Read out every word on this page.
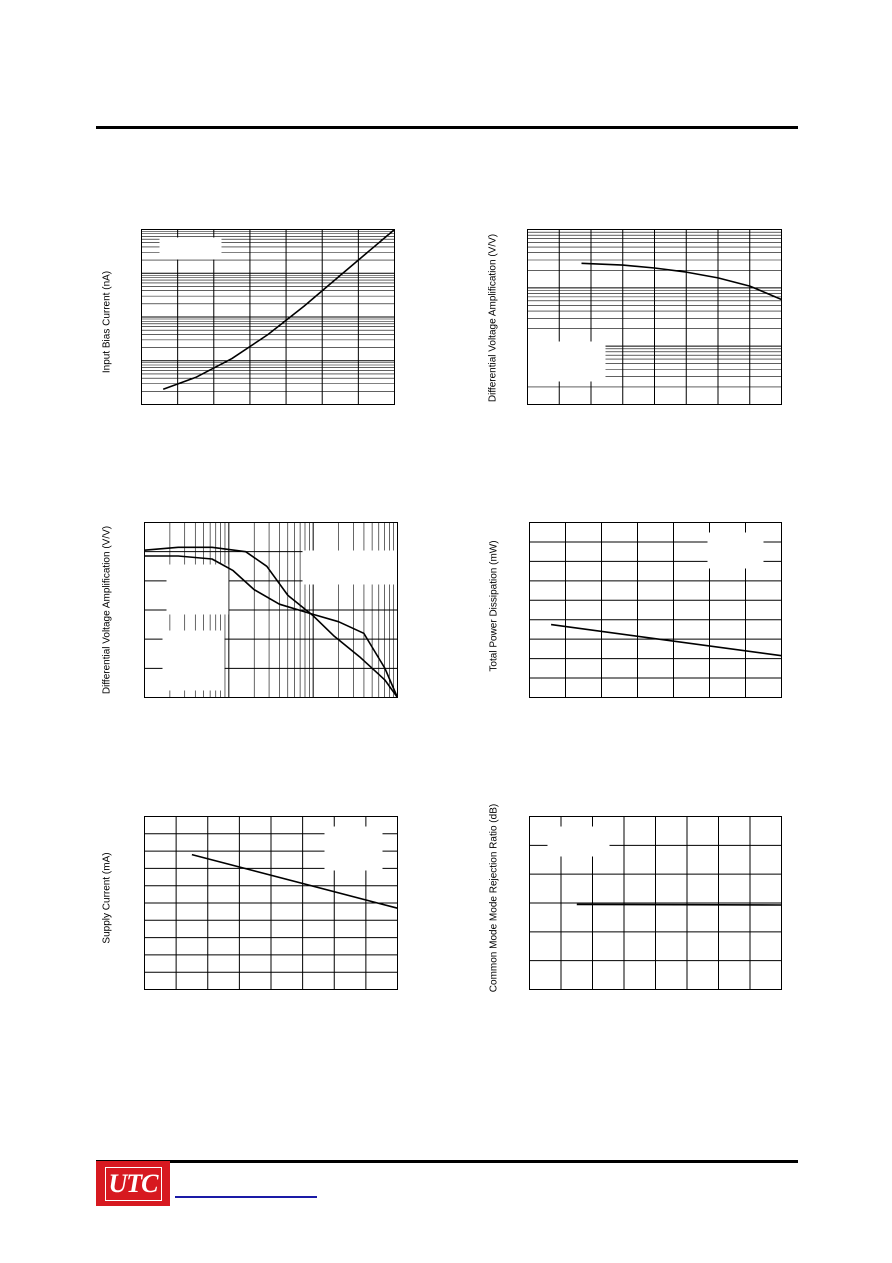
Input Bias Current (nA)	Differential Voltage Amplification (V/V)
Differential Voltage Amplification (V/V)	Total Power Dissipation (mW)
Supply Current (mA)	Common Mode Mode Rejection Ratio (dB)
UTC
